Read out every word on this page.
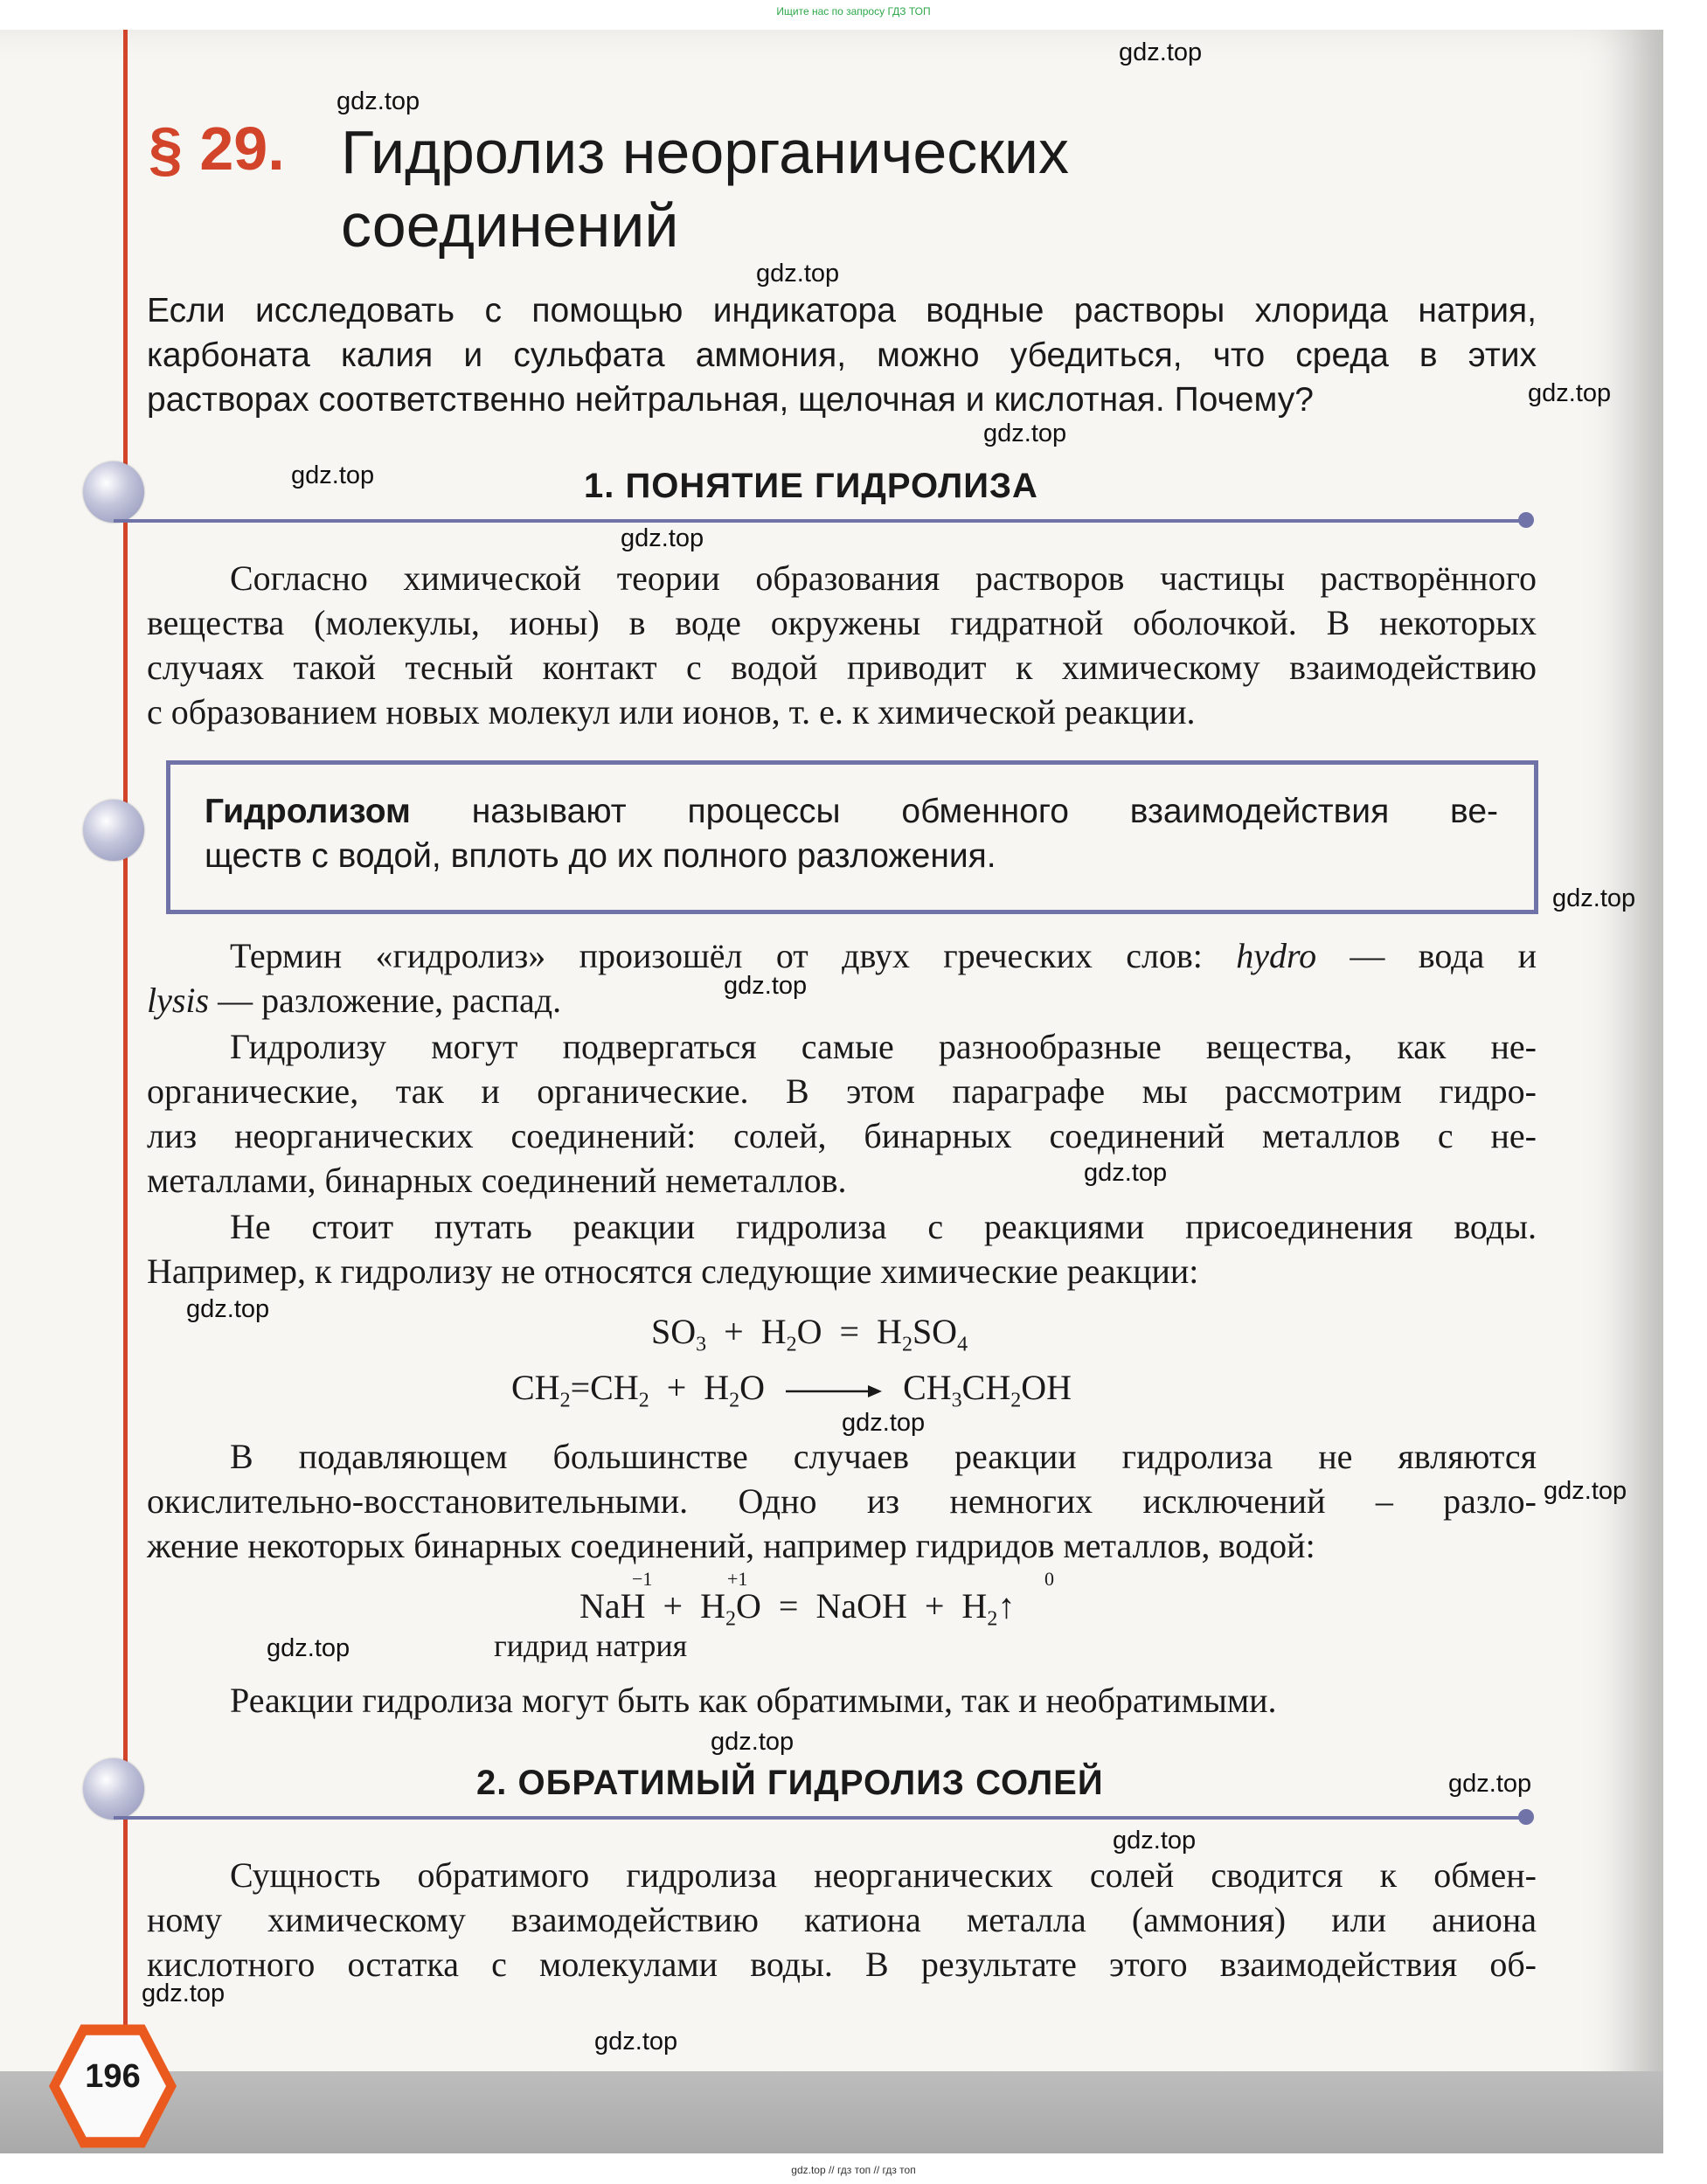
Ищите нас по запросу ГДЗ ТОП
gdz.top
gdz.top
gdz.top
gdz.top
gdz.top
gdz.top
gdz.top
gdz.top
gdz.top
gdz.top
gdz.top
gdz.top
gdz.top
gdz.top
gdz.top
gdz.top
gdz.top
gdz.top
gdz.top
§ 29. Гидролиз неорганических
соединений
Если исследовать с помощью индикатора водные растворы хлорида натрия,
карбоната калия и сульфата аммония, можно убедиться, что среда в этих
растворах соответственно нейтральная, щелочная и кислотная. Почему?
1. ПОНЯТИЕ ГИДРОЛИЗА
Согласно химической теории образования растворов частицы растворённого
вещества (молекулы, ионы) в воде окружены гидратной оболочкой. В некоторых
случаях такой тесный контакт с водой приводит к химическому взаимодействию
с образованием новых молекул или ионов, т. е. к химической реакции.
Гидролизом называют процессы обменного взаимодействия ве-
ществ с водой, вплоть до их полного разложения.
Термин «гидролиз» произошёл от двух греческих слов: hydro — вода и
lysis — разложение, распад.
Гидролизу могут подвергаться самые разнообразные вещества, как не-
органические, так и органические. В этом параграфе мы рассмотрим гидро-
лиз неорганических соединений: солей, бинарных соединений металлов с не-
металлами, бинарных соединений неметаллов.
Не стоит путать реакции гидролиза с реакциями присоединения воды.
Например, к гидролизу не относятся следующие химические реакции:
$SO_3 + H_2O = H_2SO_4$
$CH_2=CH_2 + H_2O \to CH_3CH_2OH$
В подавляющем большинстве случаев реакции гидролиза не являются
окислительно-восстановительными. Одно из немногих исключений – разло-
жение некоторых бинарных соединений, например гидридов металлов, водой:
−1	+1	0
NaH + $H_2O$ = NaOH + $H_2↑$
гидрид натрия
Реакции гидролиза могут быть как обратимыми, так и необратимыми.
2. ОБРАТИМЫЙ ГИДРОЛИЗ СОЛЕЙ
Сущность обратимого гидролиза неорганических солей сводится к обмен-
ному химическому взаимодействию катиона металла (аммония) или аниона
кислотного остатка с молекулами воды. В результате этого взаимодействия об-
196
gdz.top // гдз топ // гдз топ
